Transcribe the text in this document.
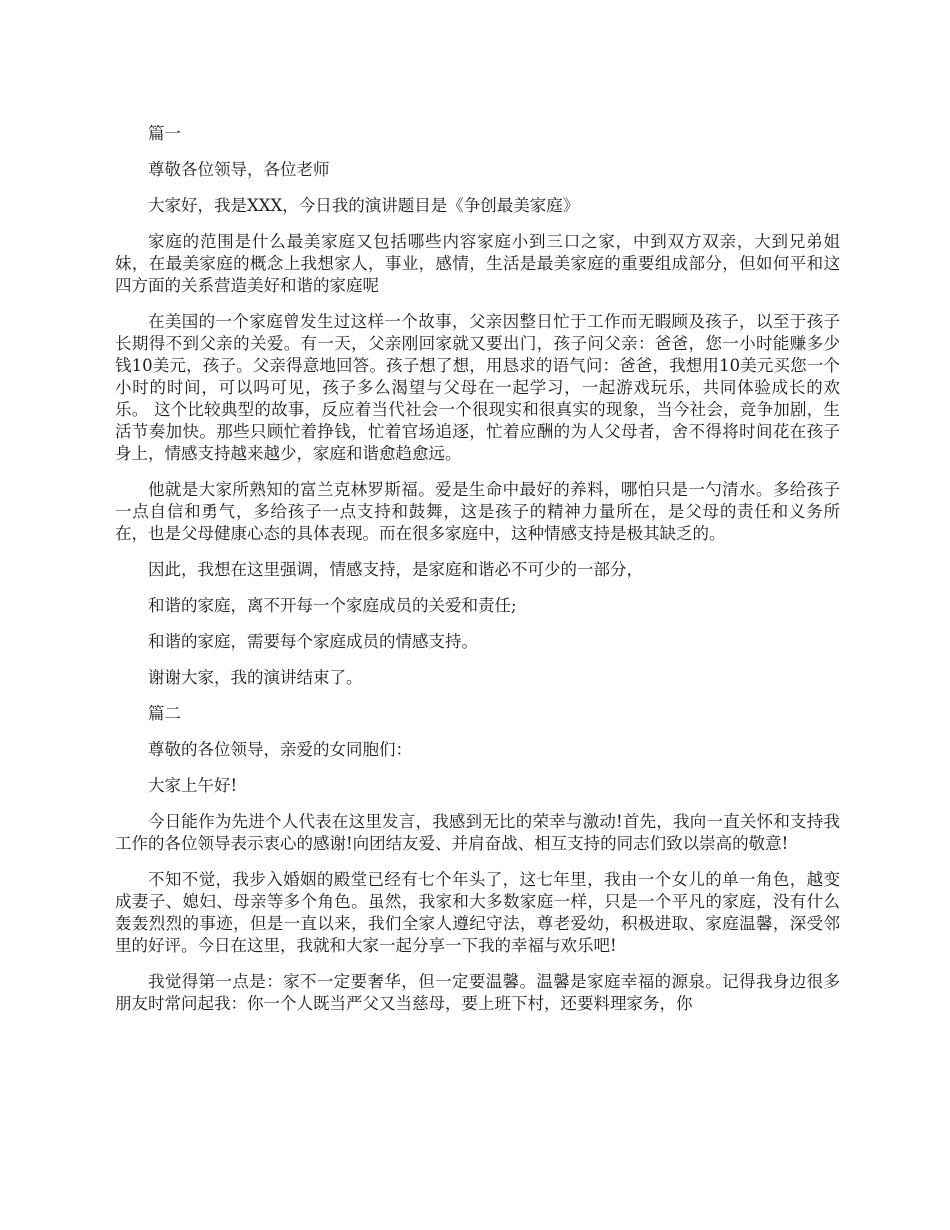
篇一

尊敬各位领导，各位老师

大家好，我是XXX，今日我的演讲题目是《争创最美家庭》

家庭的范围是什么最美家庭又包括哪些内容家庭小到三口之家，中到双方双亲，大到兄弟姐妹，在最美家庭的概念上我想家人，事业，感情，生活是最美家庭的重要组成部分，但如何平和这四方面的关系营造美好和谐的家庭呢

在美国的一个家庭曾发生过这样一个故事，父亲因整日忙于工作而无暇顾及孩子，以至于孩子长期得不到父亲的关爱。有一天，父亲刚回家就又要出门，孩子问父亲：爸爸，您一小时能赚多少钱10美元，孩子。父亲得意地回答。孩子想了想，用恳求的语气问：爸爸，我想用10美元买您一个小时的时间，可以吗可见，孩子多么渴望与父母在一起学习，一起游戏玩乐，共同体验成长的欢乐。 这个比较典型的故事，反应着当代社会一个很现实和很真实的现象，当今社会，竞争加剧，生活节奏加快。那些只顾忙着挣钱，忙着官场追逐，忙着应酬的为人父母者，舍不得将时间花在孩子身上，情感支持越来越少，家庭和谐愈趋愈远。

他就是大家所熟知的富兰克林罗斯福。爱是生命中最好的养料，哪怕只是一勺清水。多给孩子一点自信和勇气，多给孩子一点支持和鼓舞，这是孩子的精神力量所在，是父母的责任和义务所在，也是父母健康心态的具体表现。而在很多家庭中，这种情感支持是极其缺乏的。

因此，我想在这里强调，情感支持，是家庭和谐必不可少的一部分，

和谐的家庭，离不开每一个家庭成员的关爱和责任;

和谐的家庭，需要每个家庭成员的情感支持。

谢谢大家，我的演讲结束了。

篇二

尊敬的各位领导，亲爱的女同胞们：

大家上午好!

今日能作为先进个人代表在这里发言，我感到无比的荣幸与激动!首先，我向一直关怀和支持我工作的各位领导表示衷心的感谢!向团结友爱、并肩奋战、相互支持的同志们致以崇高的敬意!

不知不觉，我步入婚姻的殿堂已经有七个年头了，这七年里，我由一个女儿的单一角色，越变成妻子、媳妇、母亲等多个角色。虽然，我家和大多数家庭一样，只是一个平凡的家庭，没有什么轰轰烈烈的事迹，但是一直以来，我们全家人遵纪守法，尊老爱幼，积极进取、家庭温馨，深受邻里的好评。今日在这里，我就和大家一起分享一下我的幸福与欢乐吧!

我觉得第一点是：家不一定要奢华，但一定要温馨。温馨是家庭幸福的源泉。记得我身边很多朋友时常问起我：你一个人既当严父又当慈母，要上班下村，还要料理家务，你
